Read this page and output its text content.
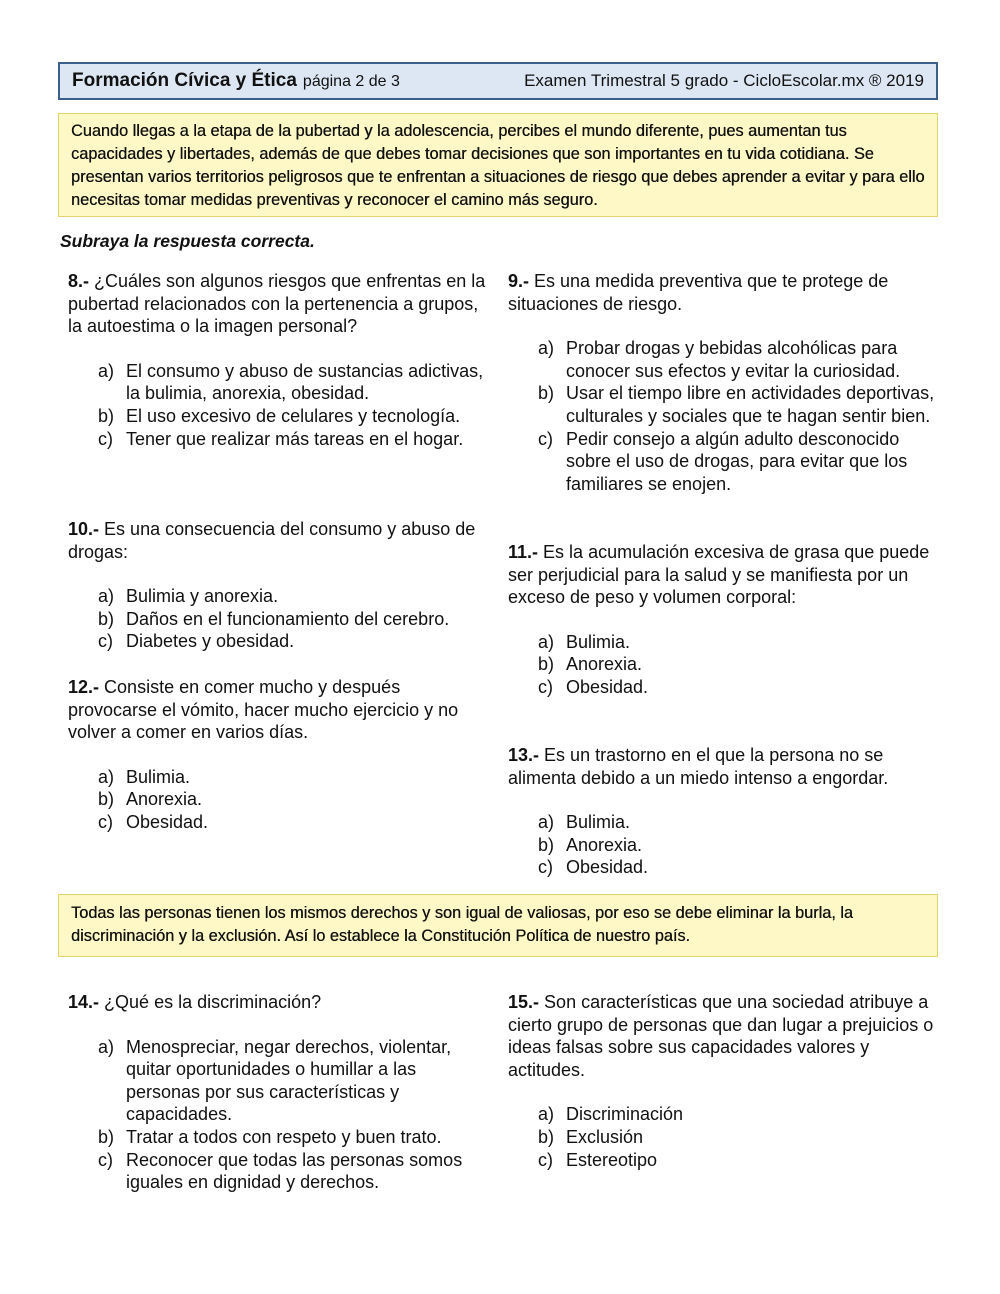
Formación Cívica y Ética página 2 de 3	Examen Trimestral 5 grado - CicloEscolar.mx ® 2019
Cuando llegas a la etapa de la pubertad y la adolescencia, percibes el mundo diferente, pues aumentan tus capacidades y libertades, además de que debes tomar decisiones que son importantes en tu vida cotidiana. Se presentan varios territorios peligrosos que te enfrentan a situaciones de riesgo que debes aprender a evitar y para ello necesitas tomar medidas preventivas y reconocer el camino más seguro.
Subraya la respuesta correcta.
8.- ¿Cuáles son algunos riesgos que enfrentas en la pubertad relacionados con la pertenencia a grupos, la autoestima o la imagen personal?
a) El consumo y abuso de sustancias adictivas, la bulimia, anorexia, obesidad.
b) El uso excesivo de celulares y tecnología.
c) Tener que realizar más tareas en el hogar.
9.- Es una medida preventiva que te protege de situaciones de riesgo.
a) Probar drogas y bebidas alcohólicas para conocer sus efectos y evitar la curiosidad.
b) Usar el tiempo libre en actividades deportivas, culturales y sociales que te hagan sentir bien.
c) Pedir consejo a algún adulto desconocido sobre el uso de drogas, para evitar que los familiares se enojen.
10.- Es una consecuencia del consumo y abuso de drogas:
a) Bulimia y anorexia.
b) Daños en el funcionamiento del cerebro.
c) Diabetes y obesidad.
11.- Es la acumulación excesiva de grasa que puede ser perjudicial para la salud y se manifiesta por un exceso de peso y volumen corporal:
a) Bulimia.
b) Anorexia.
c) Obesidad.
12.- Consiste en comer mucho y después provocarse el vómito, hacer mucho ejercicio y no volver a comer en varios días.
a) Bulimia.
b) Anorexia.
c) Obesidad.
13.- Es un trastorno en el que la persona no se alimenta debido a un miedo intenso a engordar.
a) Bulimia.
b) Anorexia.
c) Obesidad.
Todas las personas tienen los mismos derechos y son igual de valiosas, por eso se debe eliminar la burla, la discriminación y la exclusión. Así lo establece la Constitución Política de nuestro país.
14.- ¿Qué es la discriminación?
a) Menospreciar, negar derechos, violentar, quitar oportunidades o humillar a las personas por sus características y capacidades.
b) Tratar a todos con respeto y buen trato.
c) Reconocer que todas las personas somos iguales en dignidad y derechos.
15.- Son características que una sociedad atribuye a cierto grupo de personas que dan lugar a prejuicios o ideas falsas sobre sus capacidades valores y actitudes.
a) Discriminación
b) Exclusión
c) Estereotipo
